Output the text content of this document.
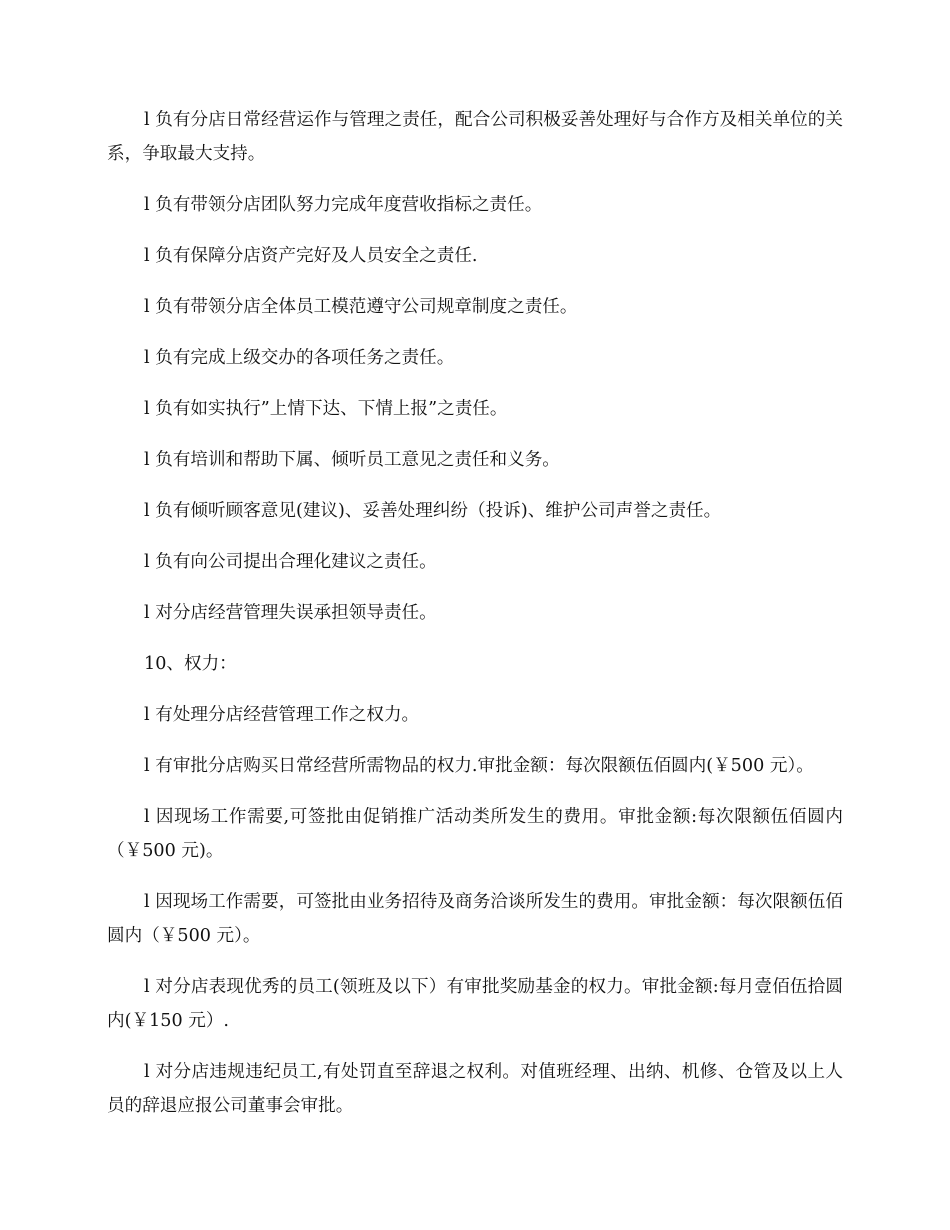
l 负有分店日常经营运作与管理之责任，配合公司积极妥善处理好与合作方及相关单位的关系，争取最大支持。

l 负有带领分店团队努力完成年度营收指标之责任。

l 负有保障分店资产完好及人员安全之责任.

l 负有带领分店全体员工模范遵守公司规章制度之责任。

l 负有完成上级交办的各项任务之责任。

l 负有如实执行”上情下达、下情上报”之责任。

l 负有培训和帮助下属、倾听员工意见之责任和义务。

l 负有倾听顾客意见(建议)、妥善处理纠纷（投诉)、维护公司声誉之责任。

l 负有向公司提出合理化建议之责任。

l 对分店经营管理失误承担领导责任。

10、权力：

l 有处理分店经营管理工作之权力。

l 有审批分店购买日常经营所需物品的权力.审批金额：每次限额伍佰圆内(￥500 元）。

l 因现场工作需要,可签批由促销推广活动类所发生的费用。审批金额:每次限额伍佰圆内（￥500 元)。

l 因现场工作需要，可签批由业务招待及商务洽谈所发生的费用。审批金额：每次限额伍佰圆内（￥500 元）。

l 对分店表现优秀的员工(领班及以下）有审批奖励基金的权力。审批金额:每月壹佰伍拾圆内(￥150 元）.

l 对分店违规违纪员工,有处罚直至辞退之权利。对值班经理、出纳、机修、仓管及以上人员的辞退应报公司董事会审批。
